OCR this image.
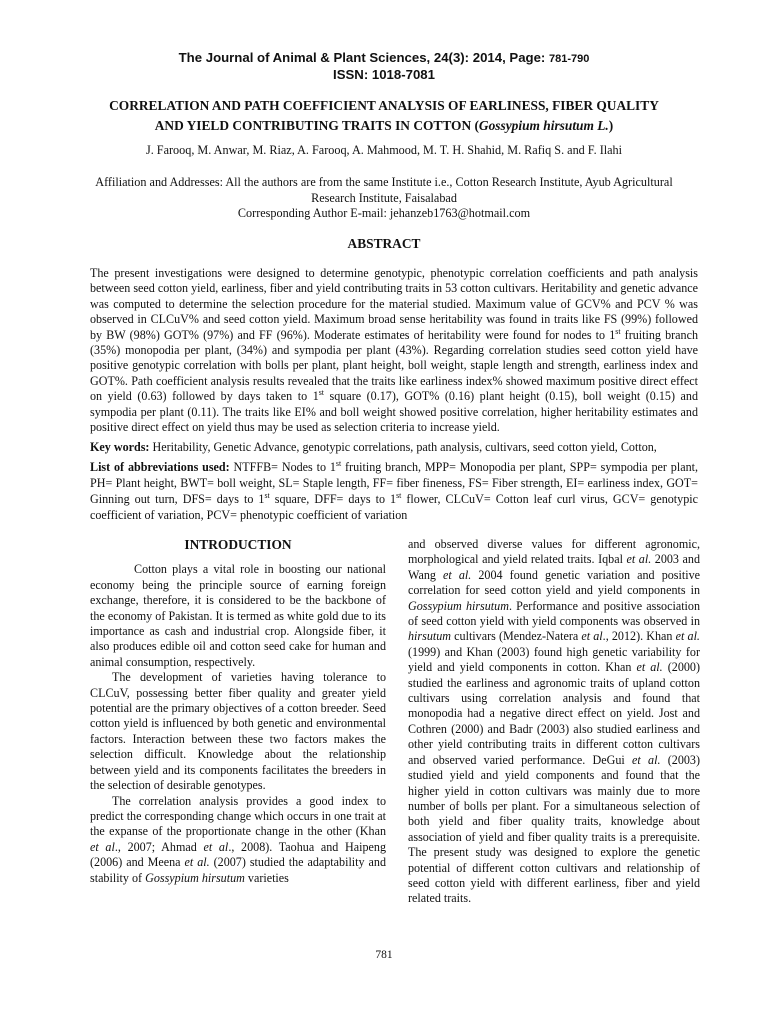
The Journal of Animal & Plant Sciences, 24(3): 2014, Page: 781-790
ISSN: 1018-7081
CORRELATION AND PATH COEFFICIENT ANALYSIS OF EARLINESS, FIBER QUALITY AND YIELD CONTRIBUTING TRAITS IN COTTON (Gossypium hirsutum L.)
J. Farooq, M. Anwar, M. Riaz, A. Farooq, A. Mahmood, M. T. H. Shahid, M. Rafiq S. and F. Ilahi
Affiliation and Addresses: All the authors are from the same Institute i.e., Cotton Research Institute, Ayub Agricultural Research Institute, Faisalabad
Corresponding Author E-mail: jehanzeb1763@hotmail.com
ABSTRACT
The present investigations were designed to determine genotypic, phenotypic correlation coefficients and path analysis between seed cotton yield, earliness, fiber and yield contributing traits in 53 cotton cultivars. Heritability and genetic advance was computed to determine the selection procedure for the material studied. Maximum value of GCV% and PCV % was observed in CLCuV% and seed cotton yield. Maximum broad sense heritability was found in traits like FS (99%) followed by BW (98%) GOT% (97%) and FF (96%). Moderate estimates of heritability were found for nodes to 1st fruiting branch (35%) monopodia per plant, (34%) and sympodia per plant (43%). Regarding correlation studies seed cotton yield have positive genotypic correlation with bolls per plant, plant height, boll weight, staple length and strength, earliness index and GOT%. Path coefficient analysis results revealed that the traits like earliness index% showed maximum positive direct effect on yield (0.63) followed by days taken to 1st square (0.17), GOT% (0.16) plant height (0.15), boll weight (0.15) and sympodia per plant (0.11). The traits like EI% and boll weight showed positive correlation, higher heritability estimates and positive direct effect on yield thus may be used as selection criteria to increase yield.
Key words: Heritability, Genetic Advance, genotypic correlations, path analysis, cultivars, seed cotton yield, Cotton,
List of abbreviations used: NTFFB= Nodes to 1st fruiting branch, MPP= Monopodia per plant, SPP= sympodia per plant, PH= Plant height, BWT= boll weight, SL= Staple length, FF= fiber fineness, FS= Fiber strength, EI= earliness index, GOT= Ginning out turn, DFS= days to 1st square, DFF= days to 1st flower, CLCuV= Cotton leaf curl virus, GCV= genotypic coefficient of variation, PCV= phenotypic coefficient of variation
INTRODUCTION

Cotton plays a vital role in boosting our national economy being the principle source of earning foreign exchange, therefore, it is considered to be the backbone of the economy of Pakistan. It is termed as white gold due to its importance as cash and industrial crop. Alongside fiber, it also produces edible oil and cotton seed cake for human and animal consumption, respectively.

The development of varieties having tolerance to CLCuV, possessing better fiber quality and greater yield potential are the primary objectives of a cotton breeder. Seed cotton yield is influenced by both genetic and environmental factors. Interaction between these two factors makes the selection difficult. Knowledge about the relationship between yield and its components facilitates the breeders in the selection of desirable genotypes.

The correlation analysis provides a good index to predict the corresponding change which occurs in one trait at the expanse of the proportionate change in the other (Khan et al., 2007; Ahmad et al., 2008). Taohua and Haipeng (2006) and Meena et al. (2007) studied the adaptability and stability of Gossypium hirsutum varieties

and observed diverse values for different agronomic, morphological and yield related traits. Iqbal et al. 2003 and Wang et al. 2004 found genetic variation and positive correlation for seed cotton yield and yield components in Gossypium hirsutum. Performance and positive association of seed cotton yield with yield components was observed in hirsutum cultivars (Mendez-Natera et al., 2012). Khan et al. (1999) and Khan (2003) found high genetic variability for yield and yield components in cotton. Khan et al. (2000) studied the earliness and agronomic traits of upland cotton cultivars using correlation analysis and found that monopodia had a negative direct effect on yield. Jost and Cothren (2000) and Badr (2003) also studied earliness and other yield contributing traits in different cotton cultivars and observed varied performance. DeGui et al. (2003) studied yield and yield components and found that the higher yield in cotton cultivars was mainly due to more number of bolls per plant. For a simultaneous selection of both yield and fiber quality traits, knowledge about association of yield and fiber quality traits is a prerequisite. The present study was designed to explore the genetic potential of different cotton cultivars and relationship of seed cotton yield with different earliness, fiber and yield related traits.

781
